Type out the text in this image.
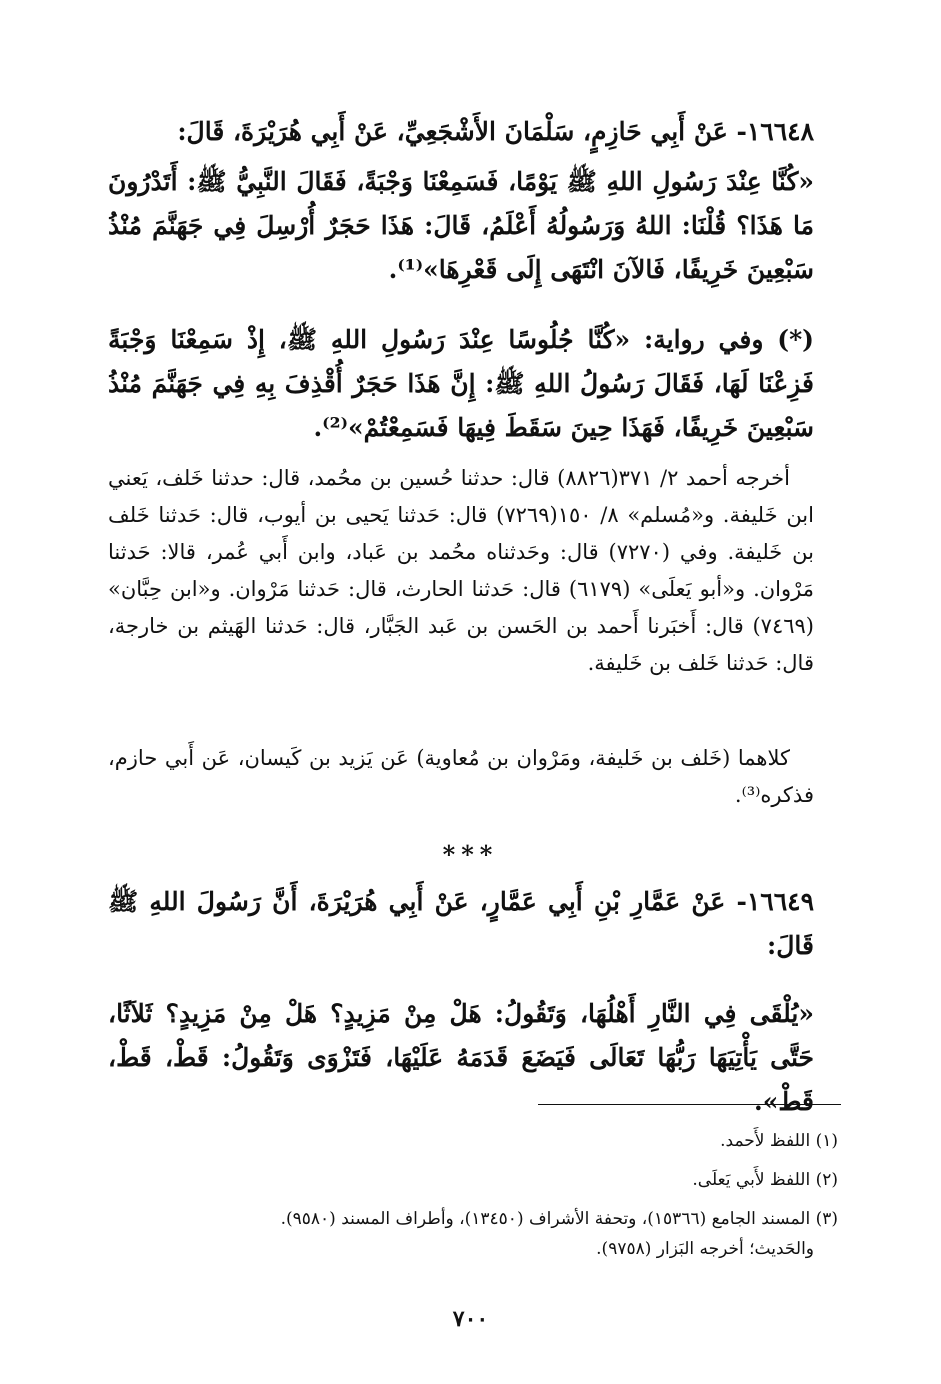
١٦٦٤٨- عَنْ أَبِي حَازِمٍ، سَلْمَانَ الأَشْجَعِيِّ، عَنْ أَبِي هُرَيْرَةَ، قَالَ:

«كُنَّا عِنْدَ رَسُولِ اللهِ ﷺ يَوْمًا، فَسَمِعْنَا وَجْبَةً، فَقَالَ النَّبِيُّ ﷺ: أَتَدْرُونَ مَا هَذَا؟ قُلْنَا: اللهُ وَرَسُولُهُ أَعْلَمُ، قَالَ: هَذَا حَجَرٌ أُرْسِلَ فِي جَهَنَّمَ مُنْذُ سَبْعِينَ خَرِيفًا، فَالآنَ انْتَهَى إِلَى قَعْرِهَا»⁽¹⁾.

(*) وفي رواية: «كُنَّا جُلُوسًا عِنْدَ رَسُولِ اللهِ ﷺ، إِذْ سَمِعْنَا وَجْبَةً فَزِعْنَا لَهَا، فَقَالَ رَسُولُ اللهِ ﷺ: إِنَّ هَذَا حَجَرٌ أُقْذِفَ بِهِ فِي جَهَنَّمَ مُنْذُ سَبْعِينَ خَرِيفًا، فَهَذَا حِينَ سَقَطَ فِيهَا فَسَمِعْتُمْ»⁽²⁾.

أخرجه أحمد ٢/ ٣٧١(٨٨٢٦) قال: حدثنا حُسين بن محُمد، قال: حدثنا خَلف، يَعني ابن خَليفة. و«مُسلم» ٨/ ١٥٠(٧٢٦٩) قال: حَدثنا يَحيى بن أيوب، قال: حَدثنا خَلف بن خَليفة. وفي (٧٢٧٠) قال: وحَدثناه محُمد بن عَباد، وابن أَبي عُمر، قالا: حَدثنا مَرْوان. و«أبو يَعلَى» (٦١٧٩) قال: حَدثنا الحارث، قال: حَدثنا مَرْوان. و«ابن حِبَّان» (٧٤٦٩) قال: أَخبَرنا أَحمد بن الحَسن بن عَبد الجَبَّار، قال: حَدثنا الهَيثم بن خارجة، قال: حَدثنا خَلف بن خَليفة.

كلاهما (خَلف بن خَليفة، ومَرْوان بن مُعاوية) عَن يَزيد بن كَيسان، عَن أَبي حازم، فذكره⁽³⁾.

***

١٦٦٤٩- عَنْ عَمَّارِ بْنِ أَبِي عَمَّارٍ، عَنْ أَبِي هُرَيْرَةَ، أَنَّ رَسُولَ اللهِ ﷺ قَالَ:

«يُلْقَى فِي النَّارِ أَهْلُهَا، وَتَقُولُ: هَلْ مِنْ مَزِيدٍ؟ هَلْ مِنْ مَزِيدٍ؟ ثَلاَثًا، حَتَّى يَأْتِيَهَا رَبُّهَا تَعَالَى فَيَضَعَ قَدَمَهُ عَلَيْهَا، فَتَزْوَى وَتَقُولُ: قَطْ، قَطْ، قَطْ».

(١) اللفظ لأَحمد.

(٢) اللفظ لأَبي يَعلَى.

(٣) المسند الجامع (١٥٣٦٦)، وتحفة الأشراف (١٣٤٥٠)، وأطراف المسند (٩٥٨٠).

والحَديث؛ أخرجه البَزار (٩٧٥٨).

٧٠٠
